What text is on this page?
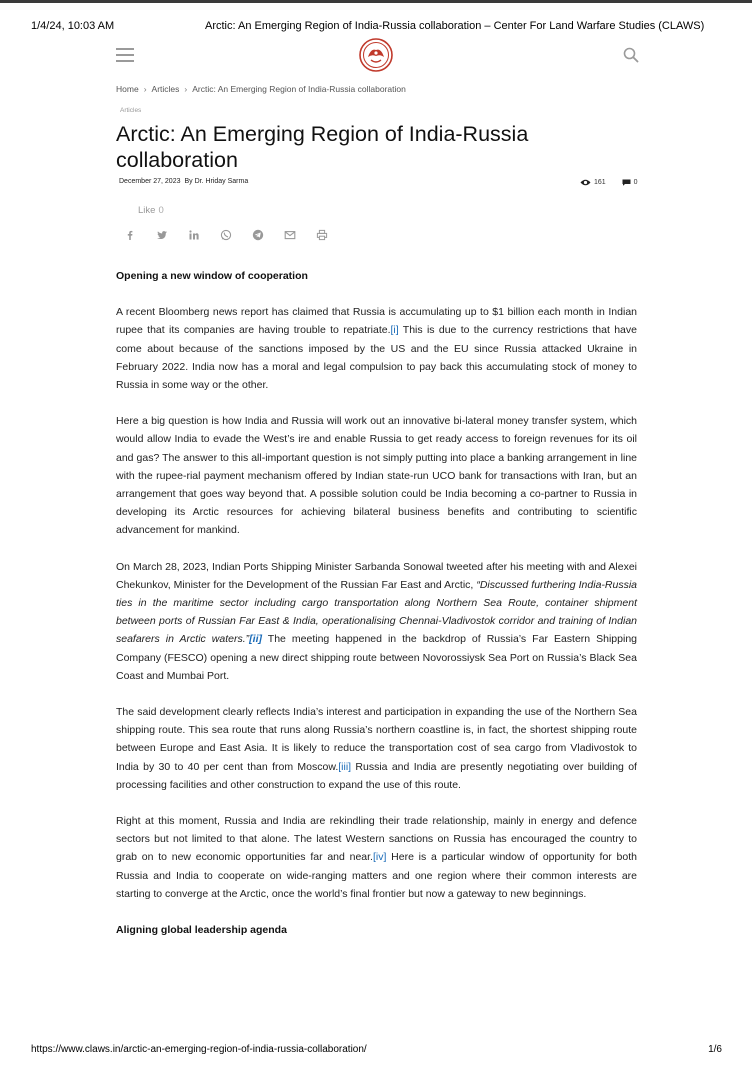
1/4/24, 10:03 AM	Arctic: An Emerging Region of India-Russia collaboration – Center For Land Warfare Studies (CLAWS)
Home › Articles › Arctic: An Emerging Region of India-Russia collaboration
Articles
Arctic: An Emerging Region of India-Russia collaboration
December 27, 2023 By Dr. Hriday Sarma	161
	0
Like 0
Opening a new window of cooperation

A recent Bloomberg news report has claimed that Russia is accumulating up to $1 billion each month in Indian rupee that its companies are having trouble to repatriate.[i] This is due to the currency restrictions that have come about because of the sanctions imposed by the US and the EU since Russia attacked Ukraine in February 2022. India now has a moral and legal compulsion to pay back this accumulating stock of money to Russia in some way or the other.

Here a big question is how India and Russia will work out an innovative bi-lateral money transfer system, which would allow India to evade the West’s ire and enable Russia to get ready access to foreign revenues for its oil and gas? The answer to this all-important question is not simply putting into place a banking arrangement in line with the rupee-rial payment mechanism offered by Indian state-run UCO bank for transactions with Iran, but an arrangement that goes way beyond that. A possible solution could be India becoming a co-partner to Russia in developing its Arctic resources for achieving bilateral business benefits and contributing to scientific advancement for mankind.

On March 28, 2023, Indian Ports Shipping Minister Sarbanda Sonowal tweeted after his meeting with and Alexei Chekunkov, Minister for the Development of the Russian Far East and Arctic, “Discussed furthering India-Russia ties in the maritime sector including cargo transportation along Northern Sea Route, container shipment between ports of Russian Far East & India, operationalising Chennai-Vladivostok corridor and training of Indian seafarers in Arctic waters.”[ii] The meeting happened in the backdrop of Russia’s Far Eastern Shipping Company (FESCO) opening a new direct shipping route between Novorossiysk Sea Port on Russia’s Black Sea Coast and Mumbai Port.

The said development clearly reflects India’s interest and participation in expanding the use of the Northern Sea shipping route. This sea route that runs along Russia’s northern coastline is, in fact, the shortest shipping route between Europe and East Asia. It is likely to reduce the transportation cost of sea cargo from Vladivostok to India by 30 to 40 per cent than from Moscow.[iii] Russia and India are presently negotiating over building of processing facilities and other construction to expand the use of this route.

Right at this moment, Russia and India are rekindling their trade relationship, mainly in energy and defence sectors but not limited to that alone. The latest Western sanctions on Russia has encouraged the country to grab on to new economic opportunities far and near.[iv] Here is a particular window of opportunity for both Russia and India to cooperate on wide-ranging matters and one region where their common interests are starting to converge at the Arctic, once the world’s final frontier but now a gateway to new beginnings.

Aligning global leadership agenda
https://www.claws.in/arctic-an-emerging-region-of-india-russia-collaboration/	1/6
